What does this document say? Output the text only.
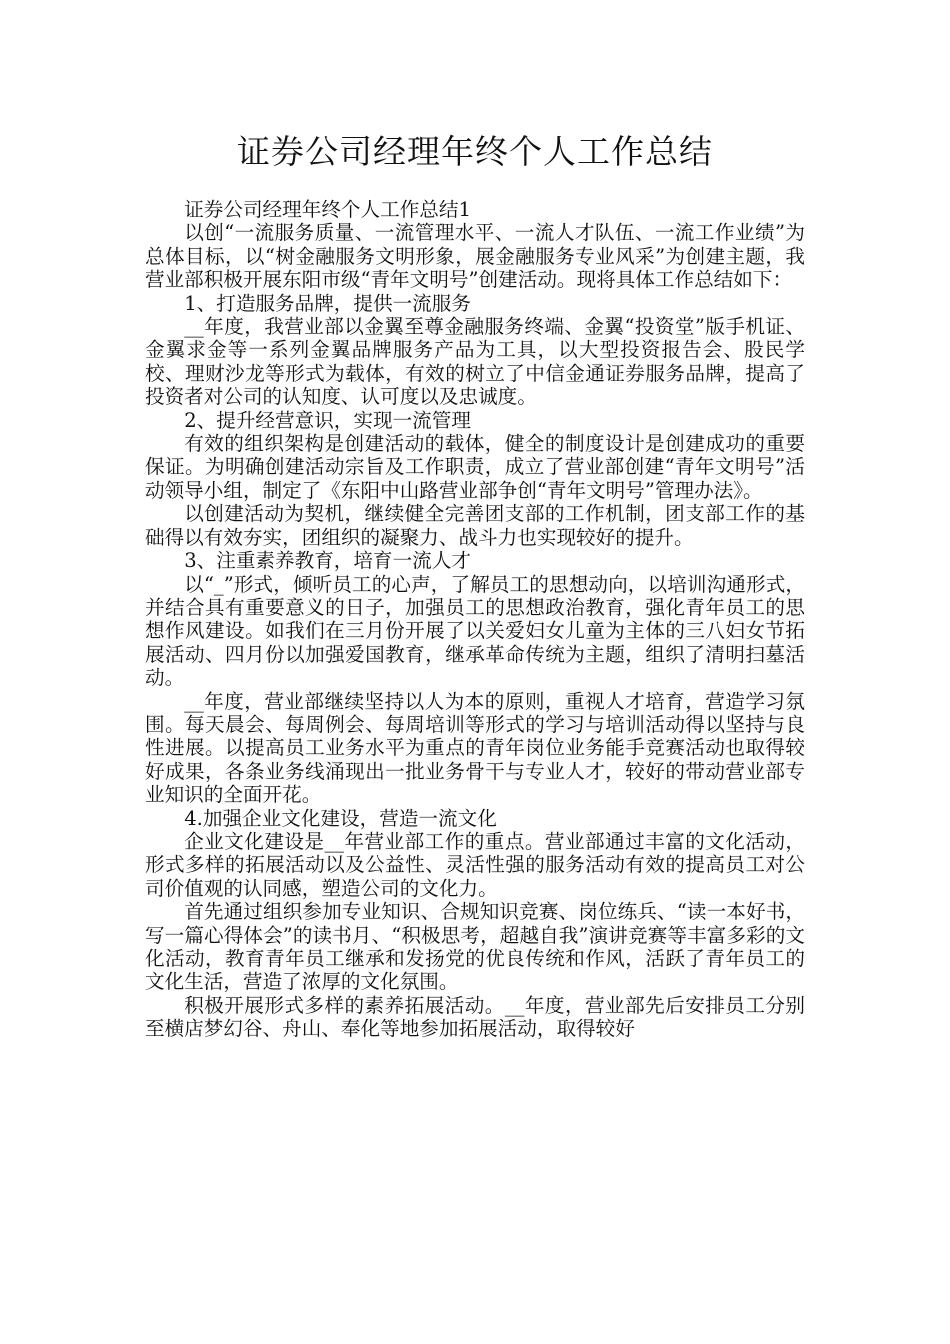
证券公司经理年终个人工作总结

证券公司经理年终个人工作总结1

以创“一流服务质量、一流管理水平、一流人才队伍、一流工作业绩”为总体目标，以“树金融服务文明形象，展金融服务专业风采”为创建主题，我营业部积极开展东阳市级“青年文明号”创建活动。现将具体工作总结如下：

1、打造服务品牌，提供一流服务

__年度，我营业部以金翼至尊金融服务终端、金翼“投资堂”版手机证、金翼求金等一系列金翼品牌服务产品为工具，以大型投资报告会、股民学校、理财沙龙等形式为载体，有效的树立了中信金通证券服务品牌，提高了投资者对公司的认知度、认可度以及忠诚度。

2、提升经营意识，实现一流管理

有效的组织架构是创建活动的载体，健全的制度设计是创建成功的重要保证。为明确创建活动宗旨及工作职责，成立了营业部创建“青年文明号”活动领导小组，制定了《东阳中山路营业部争创“青年文明号”管理办法》。

以创建活动为契机，继续健全完善团支部的工作机制，团支部工作的基础得以有效夯实，团组织的凝聚力、战斗力也实现较好的提升。

3、注重素养教育，培育一流人才

以“_”形式，倾听员工的心声，了解员工的思想动向，以培训沟通形式，并结合具有重要意义的日子，加强员工的思想政治教育，强化青年员工的思想作风建设。如我们在三月份开展了以关爱妇女儿童为主体的三八妇女节拓展活动、四月份以加强爱国教育，继承革命传统为主题，组织了清明扫墓活动。

__年度，营业部继续坚持以人为本的原则，重视人才培育，营造学习氛围。每天晨会、每周例会、每周培训等形式的学习与培训活动得以坚持与良性进展。以提高员工业务水平为重点的青年岗位业务能手竞赛活动也取得较好成果，各条业务线涌现出一批业务骨干与专业人才，较好的带动营业部专业知识的全面开花。

4.加强企业文化建设，营造一流文化

企业文化建设是__年营业部工作的重点。营业部通过丰富的文化活动，形式多样的拓展活动以及公益性、灵活性强的服务活动有效的提高员工对公司价值观的认同感，塑造公司的文化力。

首先通过组织参加专业知识、合规知识竞赛、岗位练兵、“读一本好书，写一篇心得体会”的读书月、“积极思考，超越自我”演讲竞赛等丰富多彩的文化活动，教育青年员工继承和发扬党的优良传统和作风，活跃了青年员工的文化生活，营造了浓厚的文化氛围。

积极开展形式多样的素养拓展活动。__年度，营业部先后安排员工分别至横店梦幻谷、舟山、奉化等地参加拓展活动，取得较好
